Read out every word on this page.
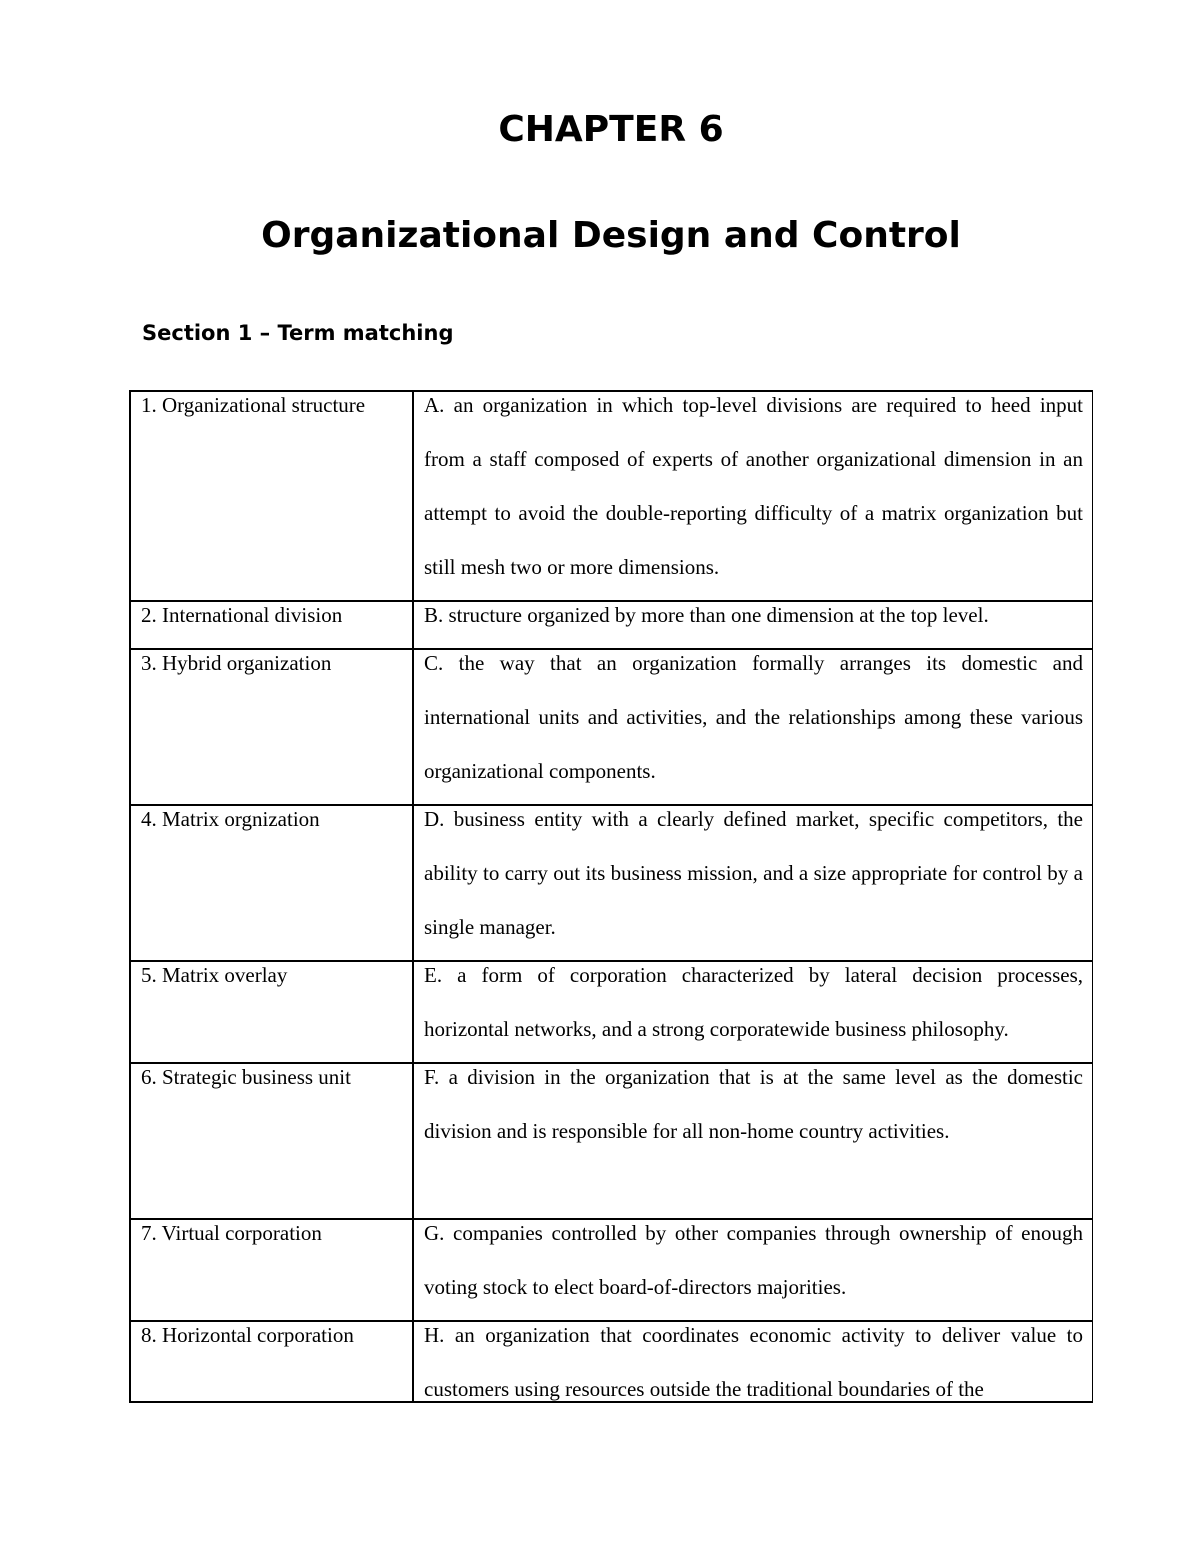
CHAPTER 6
Organizational Design and Control
Section 1 – Term matching
1. Organizational structure	A. an organization in which top-level divisions are required to heed input from a staff composed of experts of another organizational dimension in an attempt to avoid the double-reporting difficulty of a matrix organization but still mesh two or more dimensions.

2. International division	B. structure organized by more than one dimension at the top level.

3. Hybrid organization	C. the way that an organization formally arranges its domestic and international units and activities, and the relationships among these various organizational components.

4. Matrix orgnization	D. business entity with a clearly defined market, specific competitors, the ability to carry out its business mission, and a size appropriate for control by a single manager.

5. Matrix overlay	E. a form of corporation characterized by lateral decision processes, horizontal networks, and a strong corporatewide business philosophy.

6. Strategic business unit	F. a division in the organization that is at the same level as the domestic division and is responsible for all non-home country activities.

7. Virtual corporation	G. companies controlled by other companies through ownership of enough voting stock to elect board-of-directors majorities.

8. Horizontal corporation	H. an organization that coordinates economic activity to deliver value to customers using resources outside the traditional boundaries of the
